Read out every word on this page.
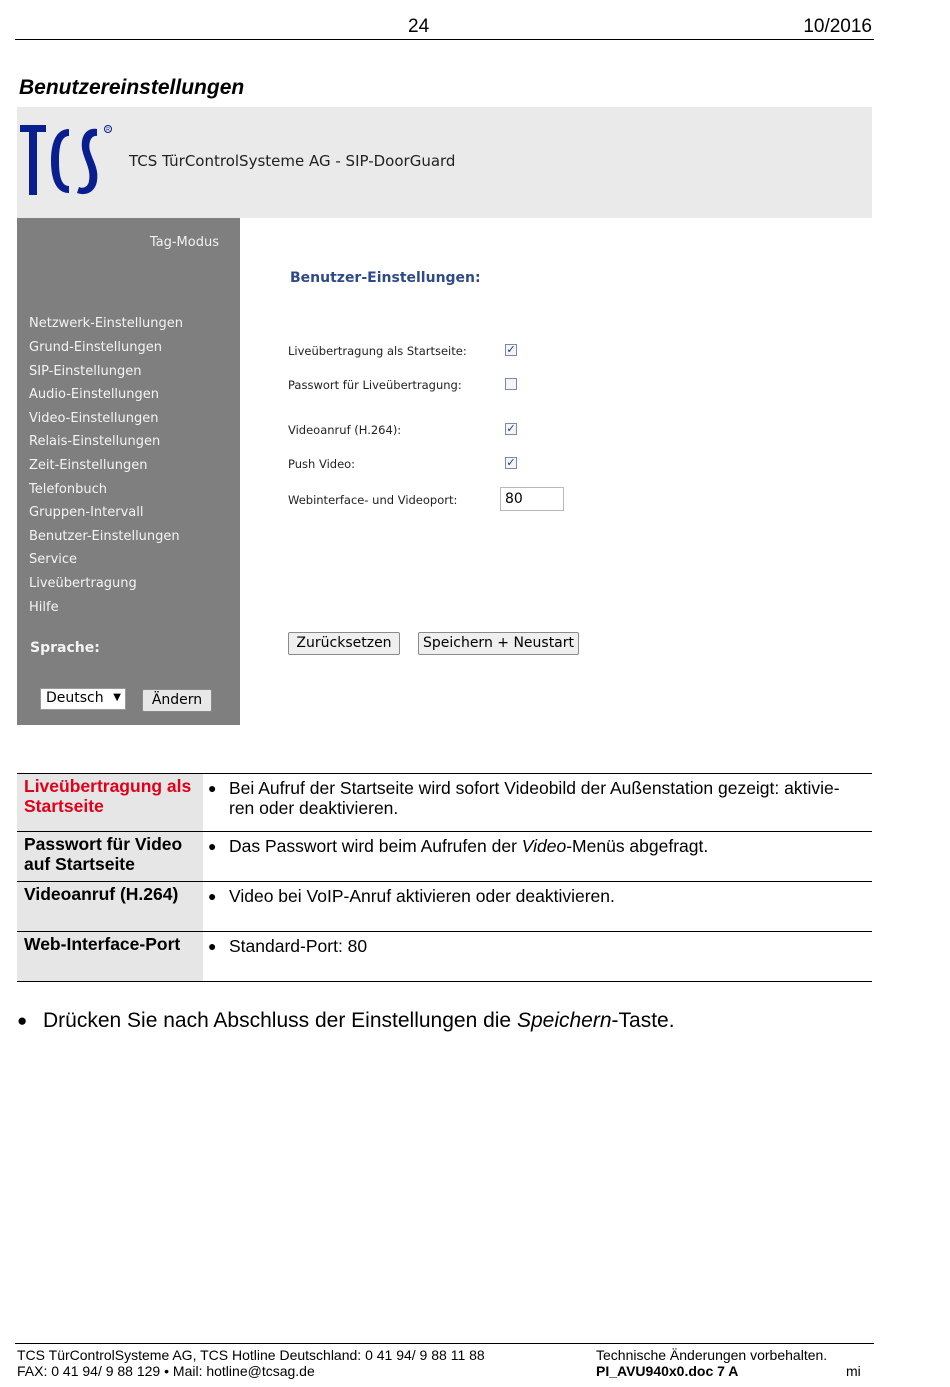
24	10/2016
Benutzereinstellungen
R
TCS TürControlSysteme AG - SIP-DoorGuard
Tag-Modus
Netzwerk-Einstellungen
Grund-Einstellungen
SIP-Einstellungen
Audio-Einstellungen
Video-Einstellungen
Relais-Einstellungen
Zeit-Einstellungen
Telefonbuch
Gruppen-Intervall
Benutzer-Einstellungen
Service
Liveübertragung
Hilfe
Sprache:
Deutsch ▼	Ändern
Benutzer-Einstellungen:
Liveübertragung als Startseite:	✓
Passwort für Liveübertragung:
Videoanruf (H.264):	✓
Push Video:	✓
Webinterface- und Videoport:	80
Zurücksetzen	Speichern + Neustart
Liveübertragung als Startseite
● Bei Aufruf der Startseite wird sofort Videobild der Außenstation gezeigt: aktivie-
ren oder deaktivieren.
Passwort für Video auf Startseite
● Das Passwort wird beim Aufrufen der Video-Menüs abgefragt.
Videoanruf (H.264)	● Video bei VoIP-Anruf aktivieren oder deaktivieren.
Web-Interface-Port	● Standard-Port: 80
● Drücken Sie nach Abschluss der Einstellungen die Speichern-Taste.
TCS TürControlSysteme AG, TCS Hotline Deutschland: 0 41 94/ 9 88 11 88
FAX: 0 41 94/ 9 88 129 • Mail: hotline@tcsag.de
Technische Änderungen vorbehalten.
PI_AVU940x0.doc 7 A	mi
